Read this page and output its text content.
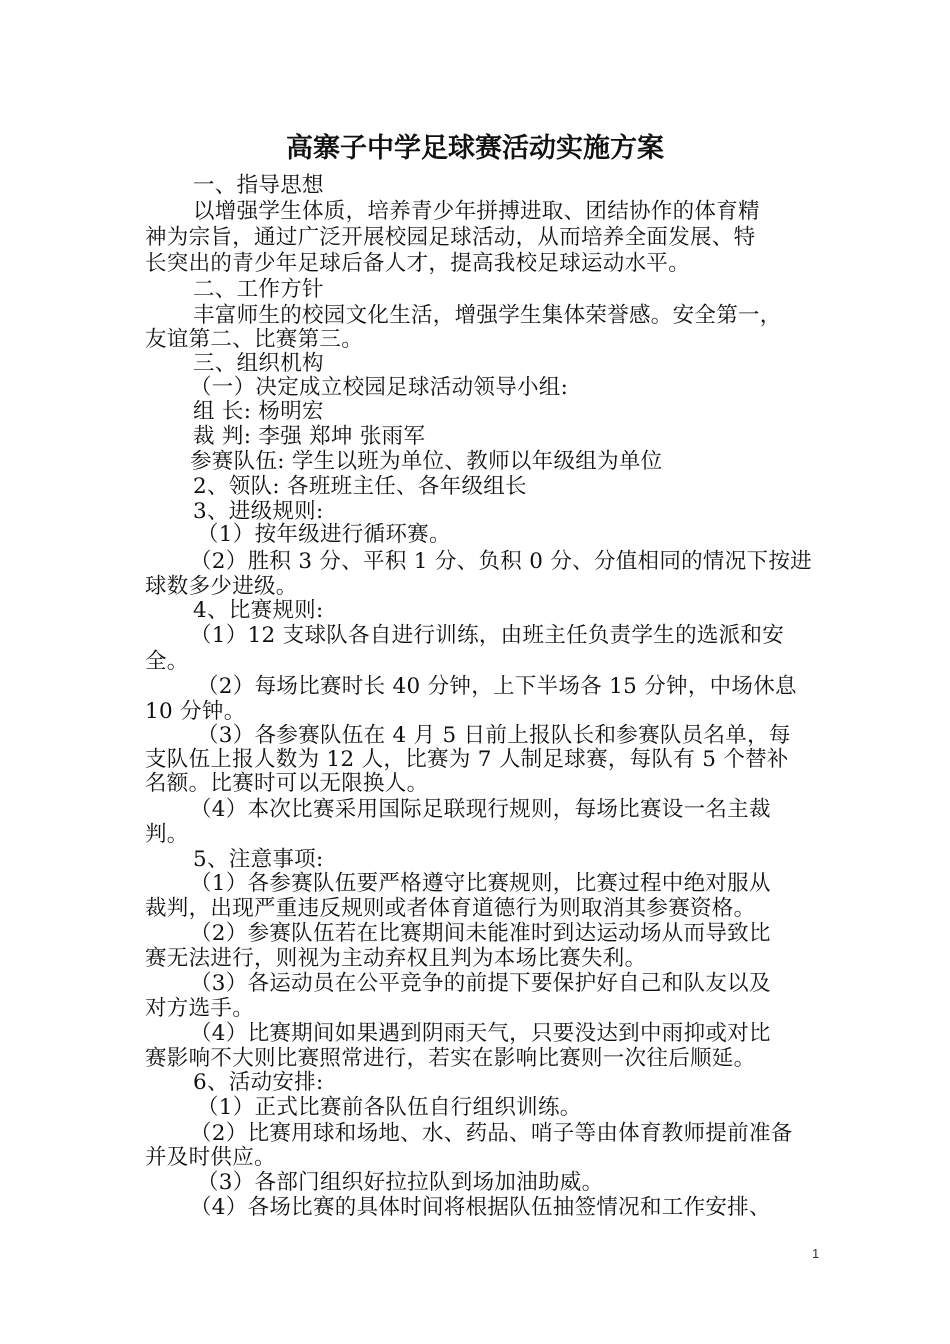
高寨子中学足球赛活动实施方案
一、指导思想
以增强学生体质，培养青少年拼搏进取、团结协作的体育精
神为宗旨，通过广泛开展校园足球活动，从而培养全面发展、特
长突出的青少年足球后备人才，提高我校足球运动水平。
二、工作方针
丰富师生的校园文化生活，增强学生集体荣誉感。安全第一，
友谊第二、比赛第三。
三、组织机构
（一）决定成立校园足球活动领导小组:
组 长: 杨明宏
裁 判: 李强 郑坤 张雨军
参赛队伍: 学生以班为单位、教师以年级组为单位
2、领队: 各班班主任、各年级组长
3、进级规则:
（1）按年级进行循环赛。
（2）胜积 3 分、平积 1 分、负积 0 分、分值相同的情况下按进
球数多少进级。
4、比赛规则:
（1）12 支球队各自进行训练，由班主任负责学生的选派和安
全。
（2）每场比赛时长 40 分钟，上下半场各 15 分钟，中场休息
10 分钟。
（3）各参赛队伍在 4 月 5 日前上报队长和参赛队员名单，每
支队伍上报人数为 12 人，比赛为 7 人制足球赛，每队有 5 个替补
名额。比赛时可以无限换人。
（4）本次比赛采用国际足联现行规则，每场比赛设一名主裁
判。
5、注意事项:
（1）各参赛队伍要严格遵守比赛规则，比赛过程中绝对服从
裁判，出现严重违反规则或者体育道德行为则取消其参赛资格。
（2）参赛队伍若在比赛期间未能准时到达运动场从而导致比
赛无法进行，则视为主动弃权且判为本场比赛失利。
（3）各运动员在公平竞争的前提下要保护好自己和队友以及
对方选手。
（4）比赛期间如果遇到阴雨天气，只要没达到中雨抑或对比
赛影响不大则比赛照常进行，若实在影响比赛则一次往后顺延。
6、活动安排:
（1）正式比赛前各队伍自行组织训练。
（2）比赛用球和场地、水、药品、哨子等由体育教师提前准备
并及时供应。
（3）各部门组织好拉拉队到场加油助威。
（4）各场比赛的具体时间将根据队伍抽签情况和工作安排、
1
